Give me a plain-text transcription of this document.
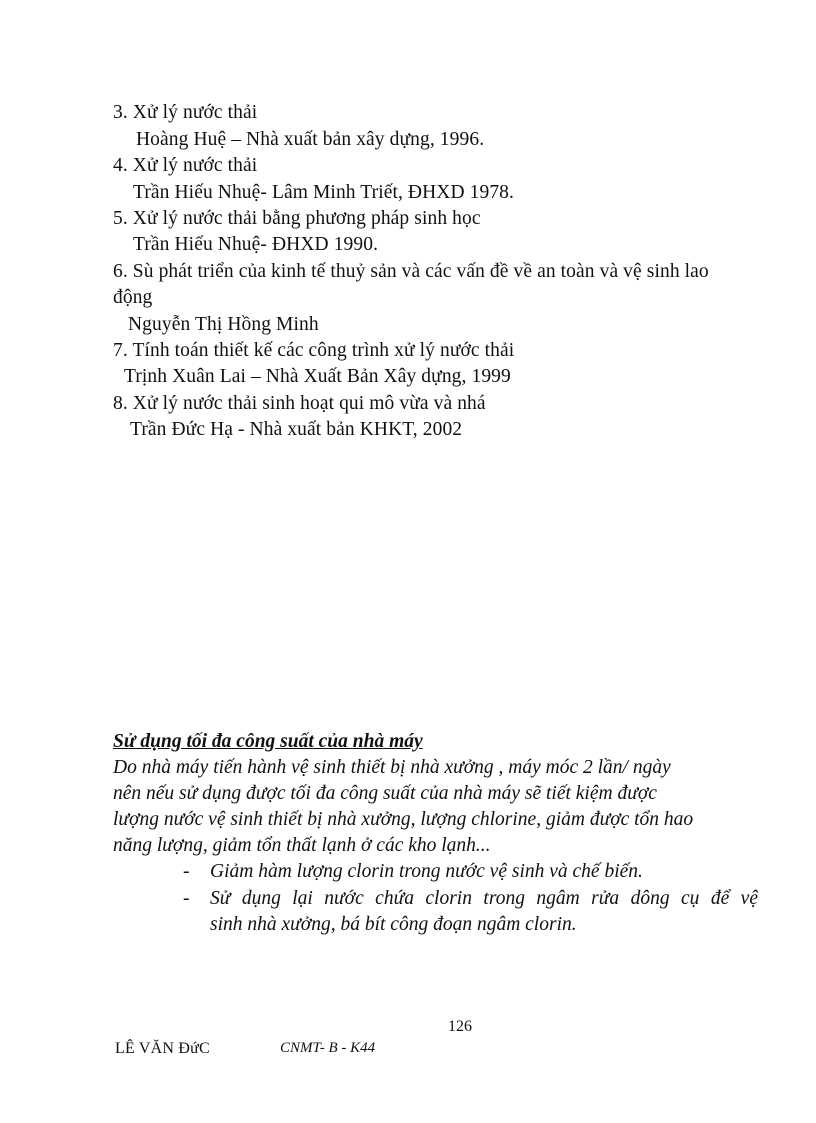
3. Xử lý nước thải
Hoàng Huệ – Nhà xuất bản xây dựng, 1996.
4. Xử lý nước thải
Trần Hiếu Nhuệ- Lâm Minh Triết, ĐHXD 1978.
5. Xử lý nước thải bằng phương pháp sinh học
Trần Hiếu Nhuệ- ĐHXD 1990.
6. Sù phát triển của kinh tế thuỷ sản và các vấn đề về an toàn và vệ sinh lao
động
Nguyễn Thị Hồng Minh
7. Tính toán thiết kế các công trình xử lý nước thải
Trịnh Xuân Lai – Nhà Xuất Bản Xây dựng, 1999
8. Xử lý nước thải sinh hoạt qui mô vừa và nhá
Trần Đức Hạ - Nhà xuất bản KHKT, 2002
Sử dụng tối đa công suất của nhà máy
Do nhà máy tiến hành vệ sinh thiết bị nhà xưởng , máy móc 2 lần/ ngày
nên nếu sử dụng được tối đa công suất của nhà máy sẽ tiết kiệm được
lượng nước vệ sinh thiết bị nhà xưởng, lượng chlorine, giảm được tổn hao
năng lượng, giảm tổn thất lạnh ở các kho lạnh...
- Giảm hàm lượng clorin trong nước vệ sinh và chế biến.
- Sử dụng lại nước chứa clorin trong ngâm rửa dông cụ để vệ
sinh nhà xưởng, bá bít công đoạn ngâm clorin.
126
LÊ VĂN ĐứC	CNMT- B - K44
